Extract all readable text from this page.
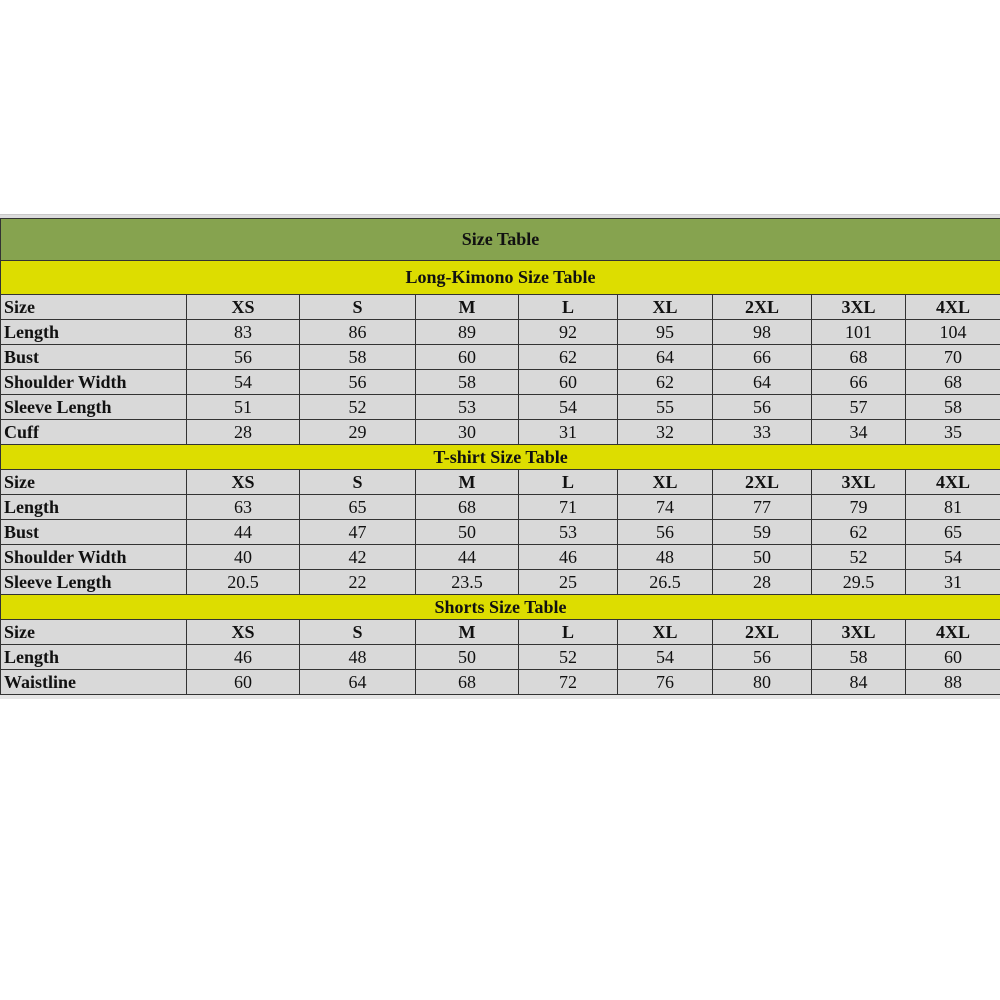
Size Table								
Long-Kimono Size Table								
Size	XS	S	M	L	XL	2XL	3XL	4XL
Length	83	86	89	92	95	98	101	104
Bust	56	58	60	62	64	66	68	70
Shoulder Width	54	56	58	60	62	64	66	68
Sleeve Length	51	52	53	54	55	56	57	58
Cuff	28	29	30	31	32	33	34	35
T-shirt Size Table								
Size	XS	S	M	L	XL	2XL	3XL	4XL
Length	63	65	68	71	74	77	79	81
Bust	44	47	50	53	56	59	62	65
Shoulder Width	40	42	44	46	48	50	52	54
Sleeve Length	20.5	22	23.5	25	26.5	28	29.5	31
Shorts Size Table								
Size	XS	S	M	L	XL	2XL	3XL	4XL
Length	46	48	50	52	54	56	58	60
Waistline	60	64	68	72	76	80	84	88
